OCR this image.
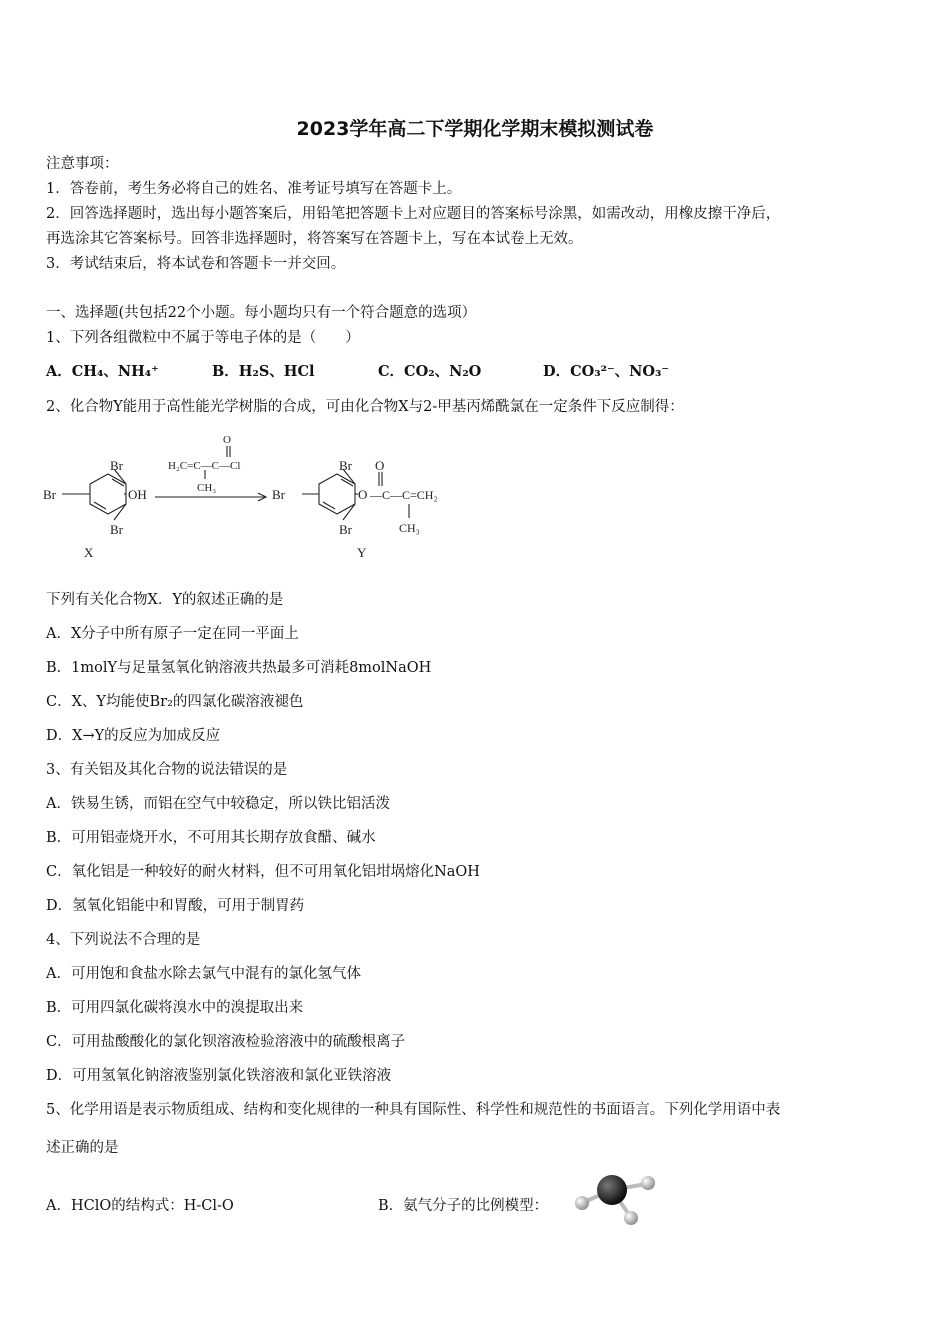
2023学年高二下学期化学期末模拟测试卷
注意事项：
1．答卷前，考生务必将自己的姓名、准考证号填写在答题卡上。
2．回答选择题时，选出每小题答案后，用铅笔把答题卡上对应题目的答案标号涂黑，如需改动，用橡皮擦干净后，
再选涂其它答案标号。回答非选择题时，将答案写在答题卡上，写在本试卷上无效。
3．考试结束后，将本试卷和答题卡一并交回。
一、选择题(共包括22个小题。每小题均只有一个符合题意的选项）
1、下列各组微粒中不属于等电子体的是（　　）
A．CH₄、NH₄⁺	B．H₂S、HCl	C．CO₂、N₂O	D．CO₃²⁻、NO₃⁻
2、化合物Y能用于高性能光学树脂的合成，可由化合物X与2-甲基丙烯酰氯在一定条件下反应制得：
Br
OH
Br
Br
X
O
H₂C=C—C—Cl
CH₃
Br
Br
Br	O
O
—C—C=CH₂
CH₃
Y
下列有关化合物X．Y的叙述正确的是
A．X分子中所有原子一定在同一平面上
B．1molY与足量氢氧化钠溶液共热最多可消耗8molNaOH
C．X、Y均能使Br₂的四氯化碳溶液褪色
D．X→Y的反应为加成反应
3、有关铝及其化合物的说法错误的是
A．铁易生锈，而铝在空气中较稳定，所以铁比铝活泼
B．可用铝壶烧开水，不可用其长期存放食醋、碱水
C．氧化铝是一种较好的耐火材料，但不可用氧化铝坩埚熔化NaOH
D．氢氧化铝能中和胃酸，可用于制胃药
4、下列说法不合理的是
A．可用饱和食盐水除去氯气中混有的氯化氢气体
B．可用四氯化碳将溴水中的溴提取出来
C．可用盐酸酸化的氯化钡溶液检验溶液中的硫酸根离子
D．可用氢氧化钠溶液鉴别氯化铁溶液和氯化亚铁溶液
5、化学用语是表示物质组成、结构和变化规律的一种具有国际性、科学性和规范性的书面语言。下列化学用语中表
述正确的是
A．HClO的结构式：H-Cl-O	B．氨气分子的比例模型：
